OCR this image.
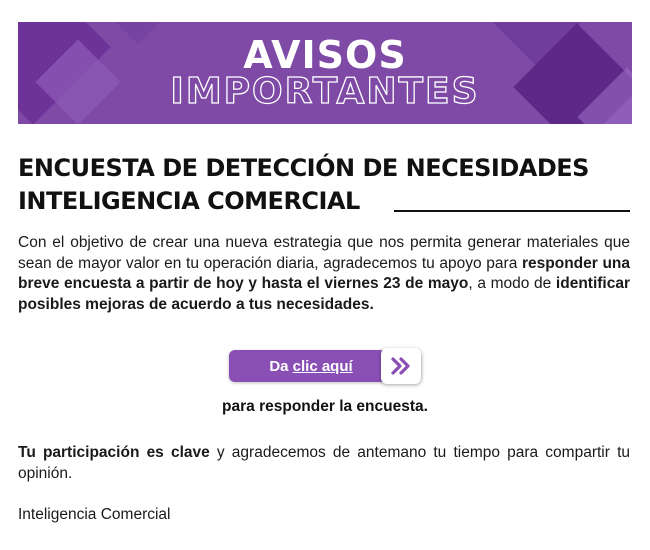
AVISOS
IMPORTANTES
ENCUESTA DE DETECCIÓN DE NECESIDADES
INTELIGENCIA COMERCIAL

Con el objetivo de crear una nueva estrategia que nos permita generar materiales que sean de mayor valor en tu operación diaria, agradecemos tu apoyo para responder una breve encuesta a partir de hoy y hasta el viernes 23 de mayo, a modo de identificar posibles mejoras de acuerdo a tus necesidades.

Da clic aquí
para responder la encuesta.

Tu participación es clave y agradecemos de antemano tu tiempo para compartir tu opinión.

Inteligencia Comercial
